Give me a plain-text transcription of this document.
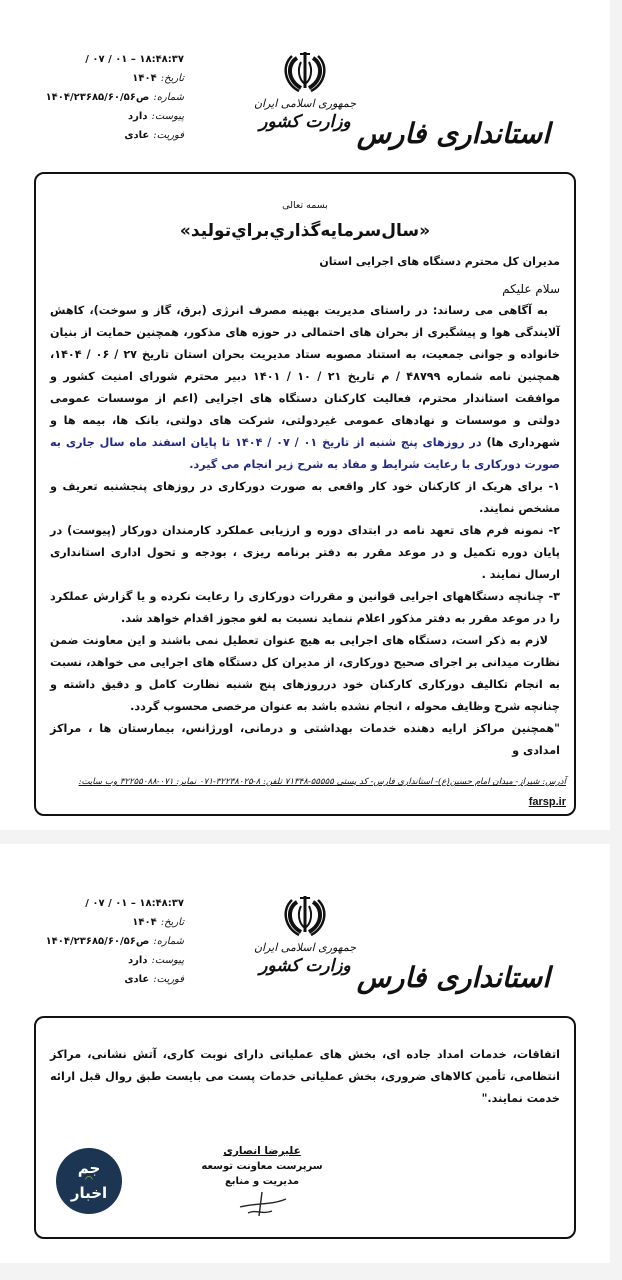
/ ۰۷ / ۰۱ – ۱۸:۴۸:۳۷
تاریخ:
۱۴۰۴
شماره:
ص۱۴۰۴/۲۳۶۸۵/۶۰/۵۶
پیوست:
دارد
فوریت:
عادی
جمهوری اسلامی ایران
وزارت کشور استانداری فارس
بسمه تعالی
«سال‌سرمایه‌گذاري‌براي‌تولید»
مدیران کل محترم دستگاه های اجرایی استان
سلام علیکم
به آگاهی می رساند: در راستای مدیریت بهینه مصرف انرژی (برق، گاز و سوخت)، کاهش آلایندگی هوا و پیشگیری از بحران های احتمالی در حوزه های مذکور، همچنین حمایت از بنیان خانواده و جوانی جمعیت، به استناد مصوبه ستاد مدیریت بحران استان تاریخ ۲۷ / ۰۶ / ۱۴۰۴، همچنین نامه شماره ۴۸۷۹۹ / م تاریخ ۲۱ / ۱۰ / ۱۴۰۱ دبیر محترم شورای امنیت کشور و موافقت استاندار محترم، فعالیت کارکنان دستگاه های اجرایی (اعم از موسسات عمومی دولتی و موسسات و نهادهای عمومی غیردولتی، شرکت های دولتی، بانک ها، بیمه ها و شهرداری ها) در روزهای پنج شنبه از تاریخ ۰۱ / ۰۷ / ۱۴۰۴ تا پایان اسفند ماه سال جاری به صورت دورکاری با رعایت شرایط و مفاد به شرح زیر انجام می گیرد.
۱- برای هریک از کارکنان خود کار واقعی به صورت دورکاری در روزهای پنجشنبه تعریف و مشخص نمایند.
۲- نمونه فرم های تعهد نامه در ابتدای دوره و ارزیابی عملکرد کارمندان دورکار (پیوست) در پایان دوره تکمیل و در موعد مقرر به دفتر برنامه ریزی ، بودجه و تحول اداری استانداری ارسال نمایند .
۳- چنانچه دستگاههای اجرایی قوانین و مقررات دورکاری را رعایت نکرده و یا گزارش عملکرد را در موعد مقرر به دفتر مذکور اعلام ننماید نسبت به لغو مجوز اقدام خواهد شد.
لازم به ذکر است، دستگاه های اجرایی به هیچ عنوان تعطیل نمی باشند و این معاونت ضمن نظارت میدانی بر اجرای صحیح دورکاری، از مدیران کل دستگاه های اجرایی می خواهد، نسبت به انجام تکالیف دورکاری کارکنان خود درروزهای پنج شنبه نظارت کامل و دقیق داشته و چنانچه شرح وظایف محوله ، انجام نشده باشد به عنوان مرخصی محسوب گردد.
"همچنین مراکز ارایه دهنده خدمات بهداشتی و درمانی، اورژانس، بیمارستان ها ، مراکز امدادی و
آدرس: شیراز- میدان امام حسین(ع)- استانداری فارس- کد پستی ۵۵۵۵۵-۷۱۳۴۸ تلفن: ۸-۳۲۲۳۸۰۲۵-۰۷۱ نمابر: ۰۷۱-۳۲۲۵۵۰۸۸ وب سایت:
farsp.ir
/ ۰۷ / ۰۱ – ۱۸:۴۸:۳۷
تاریخ:
۱۴۰۴
شماره:
ص۱۴۰۴/۲۳۶۸۵/۶۰/۵۶
پیوست:
دارد
فوریت:
عادی
جمهوری اسلامی ایران
وزارت کشور استانداری فارس
اتفاقات، خدمات امداد جاده ای، بخش های عملیاتی دارای نوبت کاری، آتش نشانی، مراکز انتظامی، تأمین کالاهای ضروری، بخش عملیاتی خدمات پست می بایست طبق روال قبل ارائه خدمت نمایند."
جم
◠
اخبار
علیرضا انصاری
سرپرست معاونت توسعه مدیریت و منابع
